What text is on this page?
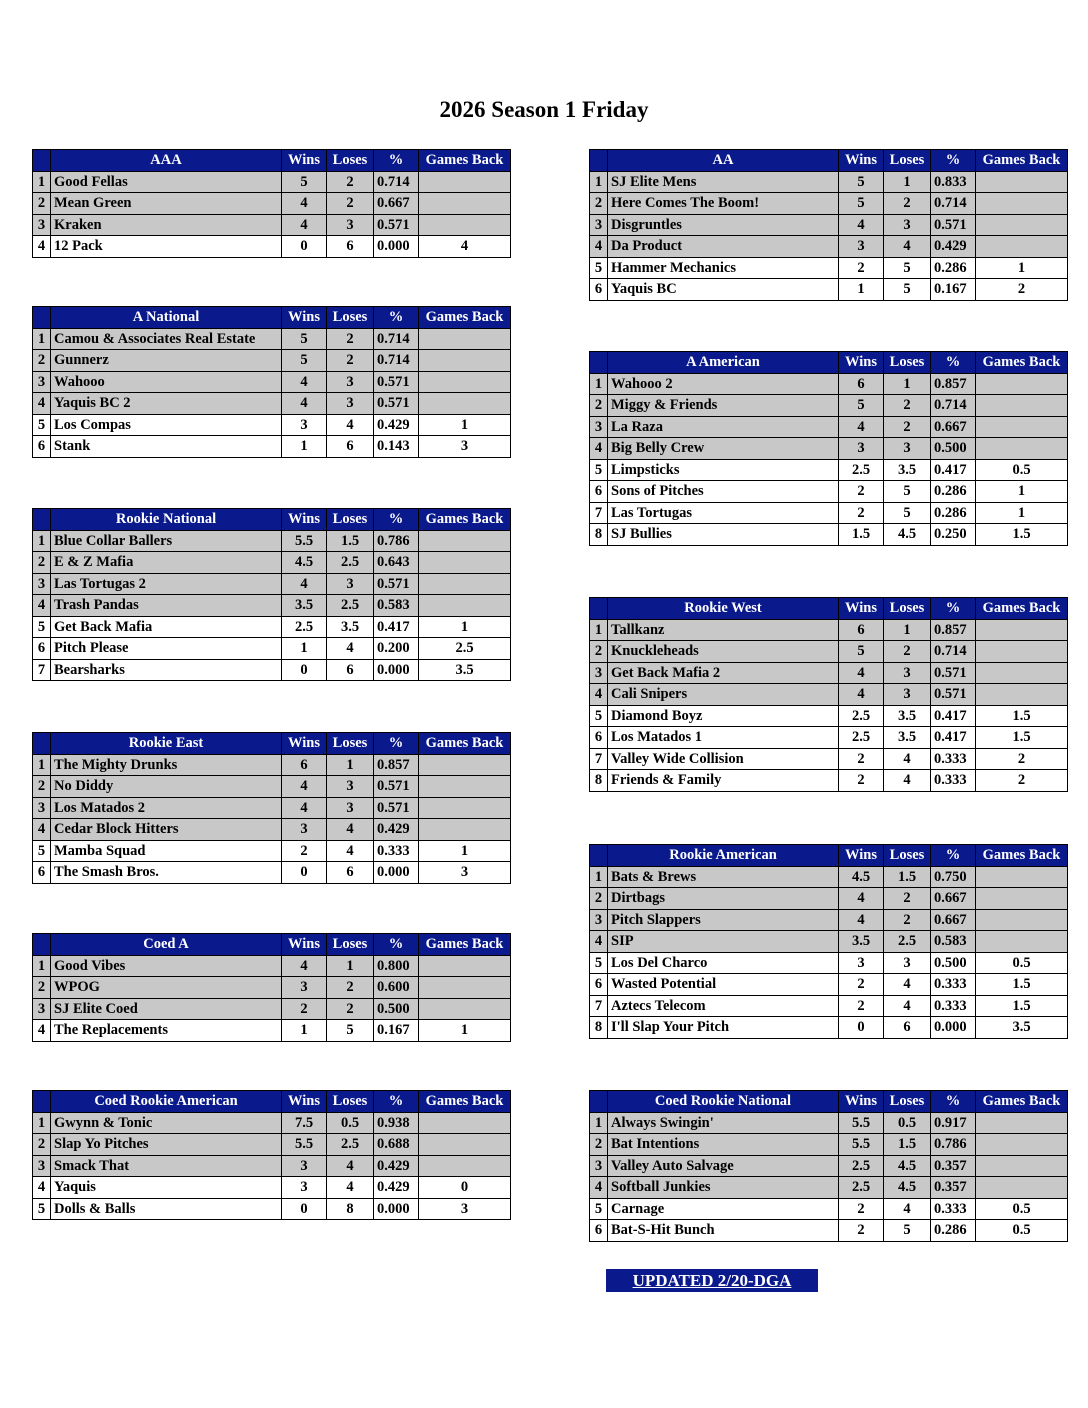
2026 Season 1 Friday
	AAA	Wins	Loses	%	Games Back
1	Good Fellas	5	2	0.714	
2	Mean Green	4	2	0.667	
3	Kraken	4	3	0.571	
4	12 Pack	0	6	0.000	4
	AA	Wins	Loses	%	Games Back
1	SJ Elite Mens	5	1	0.833	
2	Here Comes The Boom!	5	2	0.714	
3	Disgruntles	4	3	0.571	
4	Da Product	3	4	0.429	
5	Hammer Mechanics	2	5	0.286	1
6	Yaquis BC	1	5	0.167	2
	A National	Wins	Loses	%	Games Back
1	Camou & Associates Real Estate	5	2	0.714	
2	Gunnerz	5	2	0.714	
3	Wahooo	4	3	0.571	
4	Yaquis BC 2	4	3	0.571	
5	Los Compas	3	4	0.429	1
6	Stank	1	6	0.143	3
	A American	Wins	Loses	%	Games Back
1	Wahooo 2	6	1	0.857	
2	Miggy & Friends	5	2	0.714	
3	La Raza	4	2	0.667	
4	Big Belly Crew	3	3	0.500	
5	Limpsticks	2.5	3.5	0.417	0.5
6	Sons of Pitches	2	5	0.286	1
7	Las Tortugas	2	5	0.286	1
8	SJ Bullies	1.5	4.5	0.250	1.5
	Rookie National	Wins	Loses	%	Games Back
1	Blue Collar Ballers	5.5	1.5	0.786	
2	E & Z Mafia	4.5	2.5	0.643	
3	Las Tortugas 2	4	3	0.571	
4	Trash Pandas	3.5	2.5	0.583	
5	Get Back Mafia	2.5	3.5	0.417	1
6	Pitch Please	1	4	0.200	2.5
7	Bearsharks	0	6	0.000	3.5
	Rookie West	Wins	Loses	%	Games Back
1	Tallkanz	6	1	0.857	
2	Knuckleheads	5	2	0.714	
3	Get Back Mafia 2	4	3	0.571	
4	Cali Snipers	4	3	0.571	
5	Diamond Boyz	2.5	3.5	0.417	1.5
6	Los Matados 1	2.5	3.5	0.417	1.5
7	Valley Wide Collision	2	4	0.333	2
8	Friends & Family	2	4	0.333	2
	Rookie East	Wins	Loses	%	Games Back
1	The Mighty Drunks	6	1	0.857	
2	No Diddy	4	3	0.571	
3	Los Matados 2	4	3	0.571	
4	Cedar Block Hitters	3	4	0.429	
5	Mamba Squad	2	4	0.333	1
6	The Smash Bros.	0	6	0.000	3
	Rookie American	Wins	Loses	%	Games Back
1	Bats & Brews	4.5	1.5	0.750	
2	Dirtbags	4	2	0.667	
3	Pitch Slappers	4	2	0.667	
4	SIP	3.5	2.5	0.583	
5	Los Del Charco	3	3	0.500	0.5
6	Wasted Potential	2	4	0.333	1.5
7	Aztecs Telecom	2	4	0.333	1.5
8	I'll Slap Your Pitch	0	6	0.000	3.5
	Coed A	Wins	Loses	%	Games Back
1	Good Vibes	4	1	0.800	
2	WPOG	3	2	0.600	
3	SJ Elite Coed	2	2	0.500	
4	The Replacements	1	5	0.167	1
	Coed Rookie American	Wins	Loses	%	Games Back
1	Gwynn & Tonic	7.5	0.5	0.938	
2	Slap Yo Pitches	5.5	2.5	0.688	
3	Smack That	3	4	0.429	
4	Yaquis	3	4	0.429	0
5	Dolls & Balls	0	8	0.000	3
	Coed Rookie National	Wins	Loses	%	Games Back
1	Always Swingin'	5.5	0.5	0.917	
2	Bat Intentions	5.5	1.5	0.786	
3	Valley Auto Salvage	2.5	4.5	0.357	
4	Softball Junkies	2.5	4.5	0.357	
5	Carnage	2	4	0.333	0.5
6	Bat-S-Hit Bunch	2	5	0.286	0.5
UPDATED 2/20-DGA
